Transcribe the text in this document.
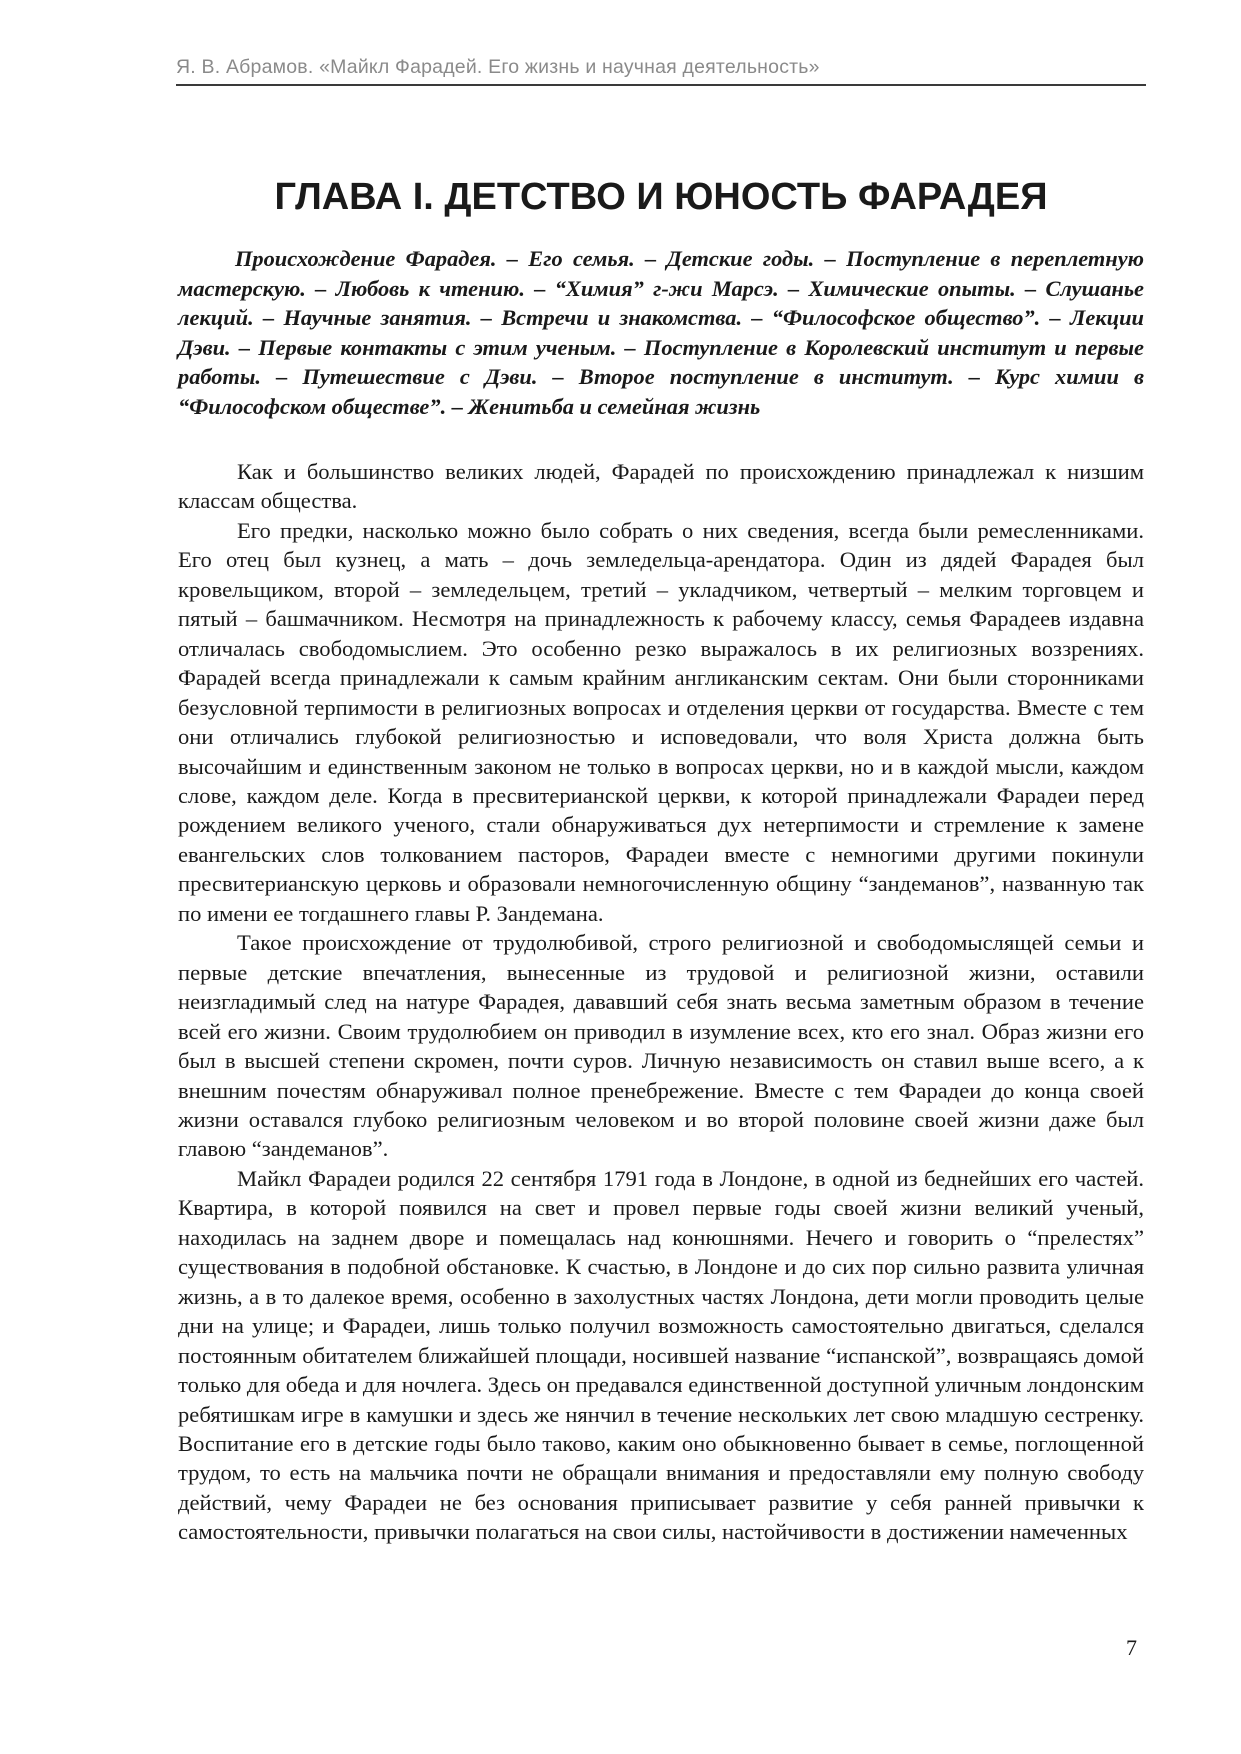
Я. В. Абрамов. «Майкл Фарадей. Его жизнь и научная деятельность»
ГЛАВА I. ДЕТСТВО И ЮНОСТЬ ФАРАДЕЯ

Происхождение Фарадея. – Его семья. – Детские годы. – Поступление в переплетную мастерскую. – Любовь к чтению. – “Химия” г-жи Марсэ. – Химические опыты. – Слушанье лекций. – Научные занятия. – Встречи и знакомства. – “Философское общество”. – Лекции Дэви. – Первые контакты с этим ученым. – Поступление в Королевский институт и первые работы. – Путешествие с Дэви. – Второе поступление в институт. – Курс химии в “Философском обществе”. – Женитьба и семейная жизнь

Как и большинство великих людей, Фарадей по происхождению принадлежал к низшим классам общества.

Его предки, насколько можно было собрать о них сведения, всегда были ремесленниками. Его отец был кузнец, а мать – дочь земледельца-арендатора. Один из дядей Фарадея был кровельщиком, второй – земледельцем, третий – укладчиком, четвертый – мелким торговцем и пятый – башмачником. Несмотря на принадлежность к рабочему классу, семья Фарадеев издавна отличалась свободомыслием. Это особенно резко выражалось в их религиозных воззрениях. Фарадей всегда принадлежали к самым крайним англиканским сектам. Они были сторонниками безусловной терпимости в религиозных вопросах и отделения церкви от государства. Вместе с тем они отличались глубокой религиозностью и исповедовали, что воля Христа должна быть высочайшим и единственным законом не только в вопросах церкви, но и в каждой мысли, каждом слове, каждом деле. Когда в пресвитерианской церкви, к которой принадлежали Фарадеи перед рождением великого ученого, стали обнаруживаться дух нетерпимости и стремление к замене евангельских слов толкованием пасторов, Фарадеи вместе с немногими другими покинули пресвитерианскую церковь и образовали немногочисленную общину “зандеманов”, названную так по имени ее тогдашнего главы Р. Зандемана.

Такое происхождение от трудолюбивой, строго религиозной и свободомыслящей семьи и первые детские впечатления, вынесенные из трудовой и религиозной жизни, оставили неизгладимый след на натуре Фарадея, дававший себя знать весьма заметным образом в течение всей его жизни. Своим трудолюбием он приводил в изумление всех, кто его знал. Образ жизни его был в высшей степени скромен, почти суров. Личную независимость он ставил выше всего, а к внешним почестям обнаруживал полное пренебрежение. Вместе с тем Фарадеи до конца своей жизни оставался глубоко религиозным человеком и во второй половине своей жизни даже был главою “зандеманов”.

Майкл Фарадеи родился 22 сентября 1791 года в Лондоне, в одной из беднейших его частей. Квартира, в которой появился на свет и провел первые годы своей жизни великий ученый, находилась на заднем дворе и помещалась над конюшнями. Нечего и говорить о “прелестях” существования в подобной обстановке. К счастью, в Лондоне и до сих пор сильно развита уличная жизнь, а в то далекое время, особенно в захолустных частях Лондона, дети могли проводить целые дни на улице; и Фарадеи, лишь только получил возможность самостоятельно двигаться, сделался постоянным обитателем ближайшей площади, носившей название “испанской”, возвращаясь домой только для обеда и для ночлега. Здесь он предавался единственной доступной уличным лондонским ребятишкам игре в камушки и здесь же нянчил в течение нескольких лет свою младшую сестренку. Воспитание его в детские годы было таково, каким оно обыкновенно бывает в семье, поглощенной трудом, то есть на мальчика почти не обращали внимания и предоставляли ему полную свободу действий, чему Фарадеи не без основания приписывает развитие у себя ранней привычки к самостоятельности, привычки полагаться на свои силы, настойчивости в достижении намеченных

7
